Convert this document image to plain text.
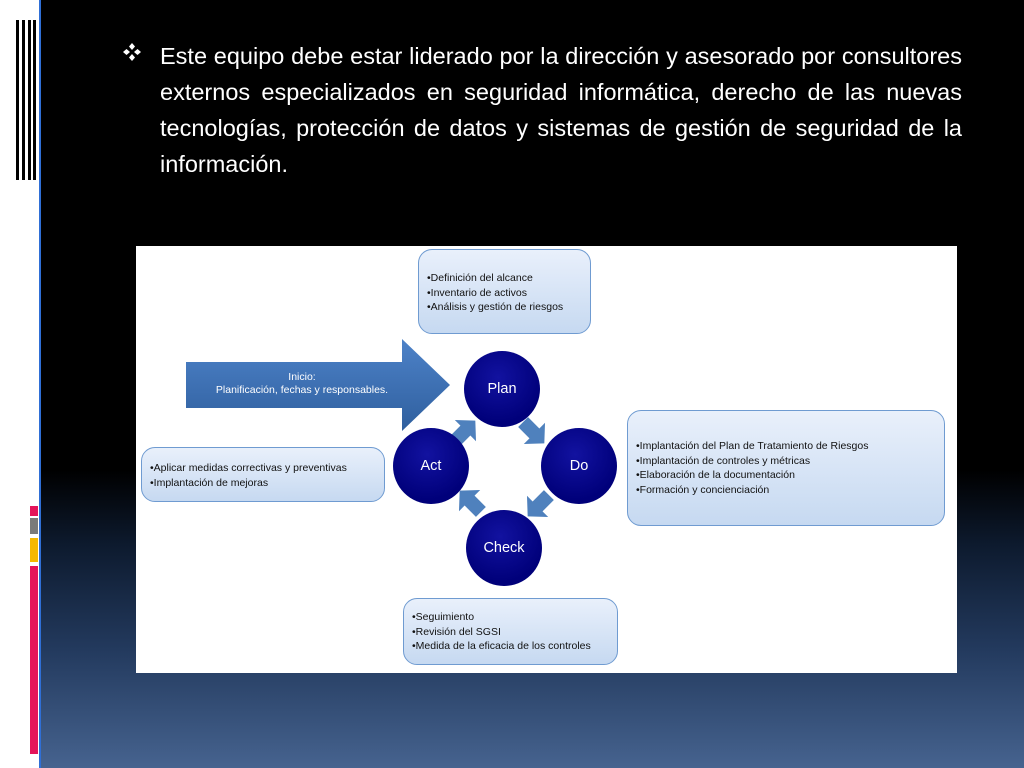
Este equipo debe estar liderado por la dirección y asesorado por consultores externos especializados en seguridad informática, derecho de las nuevas tecnologías, protección de datos y sistemas de gestión de seguridad de la información.

Inicio:
Planificación, fechas y responsables.
•Definición del alcance
•Inventario de activos
•Análisis y gestión de riesgos
•Implantación del Plan de Tratamiento de Riesgos
•Implantación de controles y métricas
•Elaboración de la documentación
•Formación y concienciación
•Seguimiento
•Revisión del SGSI
•Medida de la eficacia de los controles
•Aplicar medidas correctivas y preventivas
•Implantación de mejoras
Plan
Do
Check
Act
